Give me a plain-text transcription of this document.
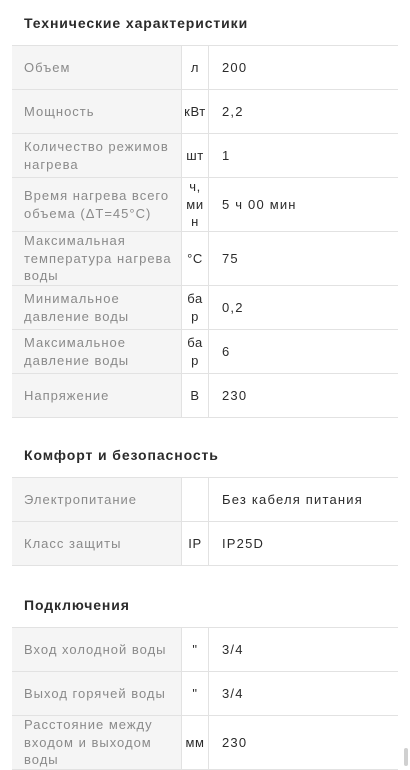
Технические характеристики
Объем	л	200
Мощность	кВт	2,2
Количество режимов нагрева	шт	1
Время нагрева всего объема (ΔT=45°C)	ч, ми н	5 ч 00 мин
Максимальная температура нагрева воды	°C	75
Минимальное давление воды	ба р	0,2
Максимальное давление воды	ба р	6
Напряжение	В	230
Комфорт и безопасность
Электропитание		Без кабеля питания
Класс защиты	IP	IP25D
Подключения
Вход холодной воды	"	3/4
Выход горячей воды	"	3/4
Расстояние между входом и выходом воды	мм	230
